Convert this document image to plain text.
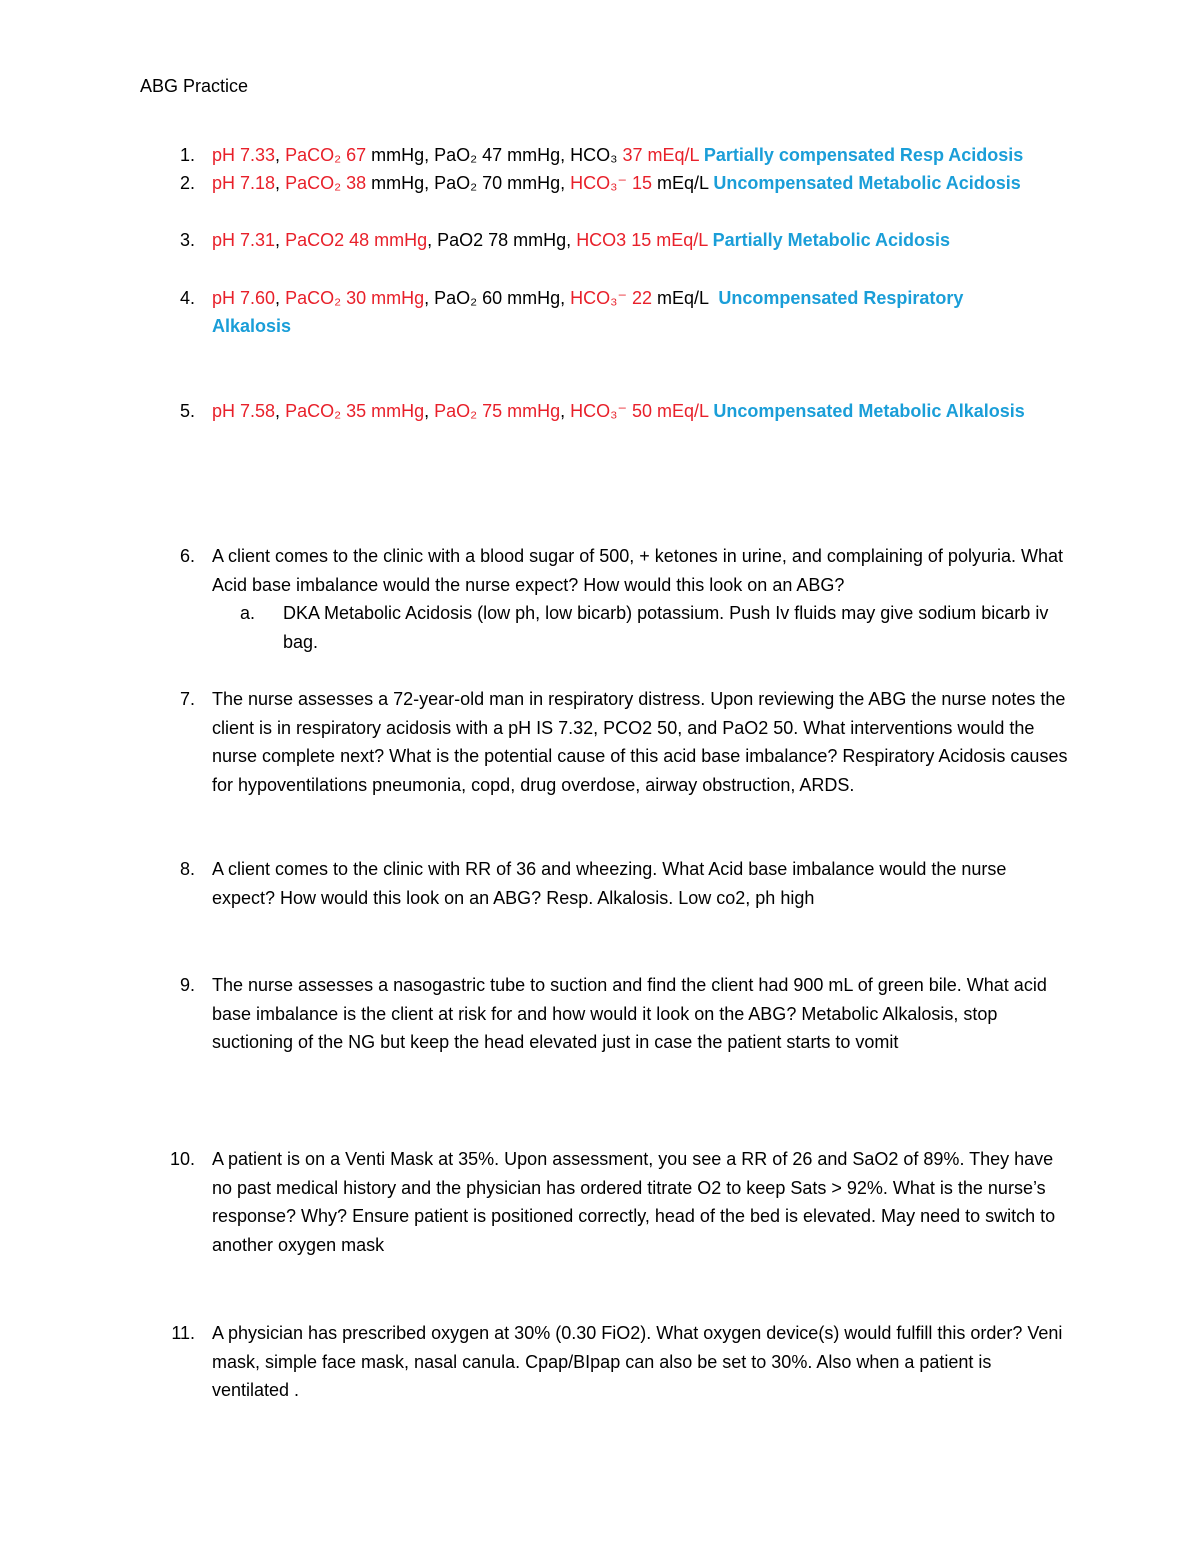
ABG Practice
1. pH 7.33, PaCO₂ 67 mmHg, PaO₂ 47 mmHg, HCO₃ 37 mEq/L Partially compensated Resp Acidosis
2. pH 7.18, PaCO₂ 38 mmHg, PaO₂ 70 mmHg, HCO₃⁻ 15 mEq/L Uncompensated Metabolic Acidosis
3. pH 7.31, PaCO2 48 mmHg, PaO2 78 mmHg, HCO3 15 mEq/L Partially Metabolic Acidosis
4. pH 7.60, PaCO₂ 30 mmHg, PaO₂ 60 mmHg, HCO₃⁻ 22 mEq/L  Uncompensated Respiratory
Alkalosis
5. pH 7.58, PaCO₂ 35 mmHg, PaO₂ 75 mmHg, HCO₃⁻ 50 mEq/L Uncompensated Metabolic Alkalosis
6. A client comes to the clinic with a blood sugar of 500, + ketones in urine, and complaining of polyuria. What Acid base imbalance would the nurse expect? How would this look on an ABG?
a.	DKA Metabolic Acidosis (low ph, low bicarb) potassium. Push Iv fluids may give sodium bicarb iv bag.
7. The nurse assesses a 72-year-old man in respiratory distress. Upon reviewing the ABG the nurse notes the client is in respiratory acidosis with a pH IS 7.32, PCO2 50, and PaO2 50. What interventions would the nurse complete next? What is the potential cause of this acid base imbalance? Respiratory Acidosis causes for hypoventilations pneumonia, copd, drug overdose, airway obstruction, ARDS.
8. A client comes to the clinic with RR of 36 and wheezing. What Acid base imbalance would the nurse expect? How would this look on an ABG? Resp. Alkalosis. Low co2, ph high
9. The nurse assesses a nasogastric tube to suction and find the client had 900 mL of green bile. What acid base imbalance is the client at risk for and how would it look on the ABG? Metabolic Alkalosis, stop suctioning of the NG but keep the head elevated just in case the patient starts to vomit
10. A patient is on a Venti Mask at 35%. Upon assessment, you see a RR of 26 and SaO2 of 89%. They have no past medical history and the physician has ordered titrate O2 to keep Sats > 92%. What is the nurse’s response? Why? Ensure patient is positioned correctly, head of the bed is elevated. May need to switch to another oxygen mask
11. A physician has prescribed oxygen at 30% (0.30 FiO2). What oxygen device(s) would fulfill this order? Veni mask, simple face mask, nasal canula. Cpap/BIpap can also be set to 30%. Also when a patient is ventilated .
